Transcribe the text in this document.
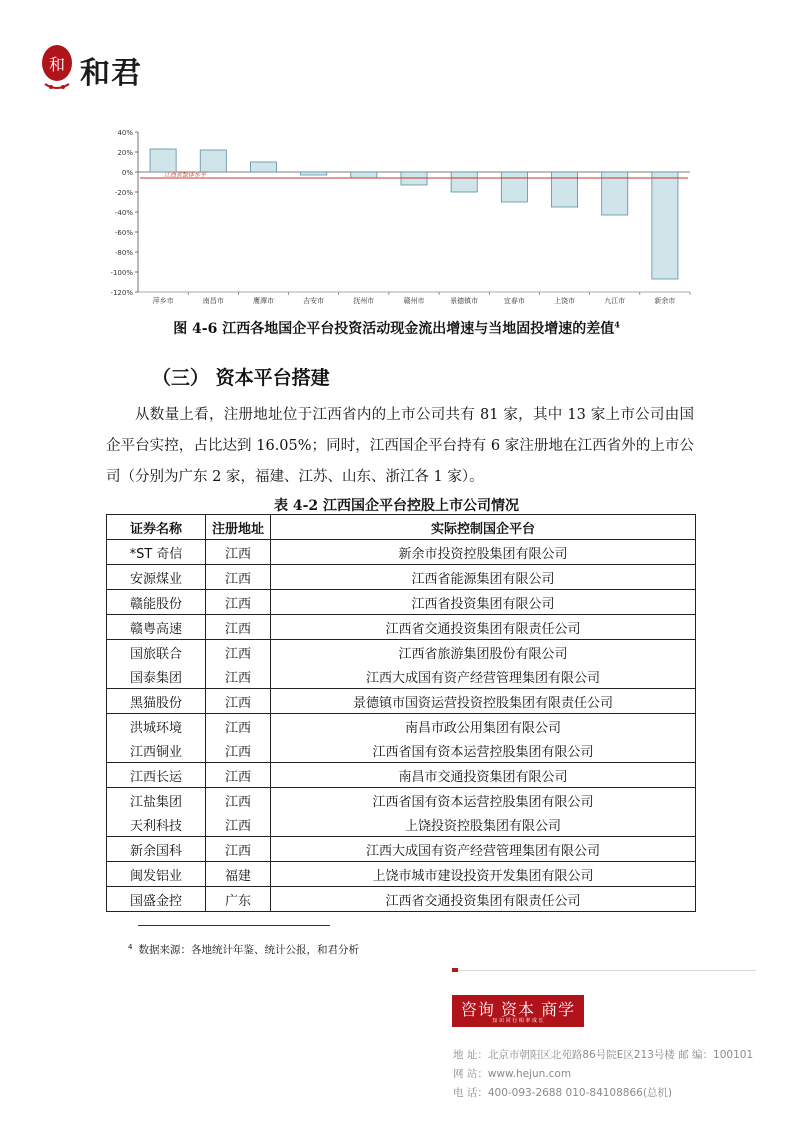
和 和君
40%
20%
0%
-20%
-40%
-60%
-80%
-100%
-120%
萍乡市	南昌市	鹰潭市	吉安市	抚州市	赣州市	景德镇市	宜春市	上饶市	九江市	新余市
江西省整体水平
图 4-6 江西各地国企平台投资活动现金流出增速与当地固投增速的差值$^4$
（三） 资本平台搭建
从数量上看，注册地址位于江西省内的上市公司共有 81 家，其中 13 家上市公司由国企平台实控，占比达到 16.05%；同时，江西国企平台持有 6 家注册地在江西省外的上市公司（分别为广东 2 家，福建、江苏、山东、浙江各 1 家）。
表 4-2 江西国企平台控股上市公司情况
证券名称	注册地址	实际控制国企平台
*ST 奇信	江西	新余市投资控股集团有限公司
安源煤业	江西	江西省能源集团有限公司
赣能股份	江西	江西省投资集团有限公司
赣粤高速	江西	江西省交通投资集团有限责任公司
国旅联合	江西	江西省旅游集团股份有限公司
国泰集团	江西	江西大成国有资产经营管理集团有限公司
黑猫股份	江西	景德镇市国资运营投资控股集团有限责任公司
洪城环境	江西	南昌市政公用集团有限公司
江西铜业	江西	江西省国有资本运营控股集团有限公司
江西长运	江西	南昌市交通投资集团有限公司
江盐集团	江西	江西省国有资本运营控股集团有限公司
天利科技	江西	上饶投资控股集团有限公司
新余国科	江西	江西大成国有资产经营管理集团有限公司
闽发铝业	福建	上饶市城市建设投资开发集团有限公司
国盛金控	广东	江西省交通投资集团有限责任公司
$^4$ 数据来源：各地统计年鉴、统计公报，和君分析
咨询 资本 商学
知 识 同 行 相 率 成 长
地 址：北京市朝阳区北苑路86号院E区213号楼 邮 编：100101
网 站：www.hejun.com
电 话：400-093-2688 010-84108866(总机)
